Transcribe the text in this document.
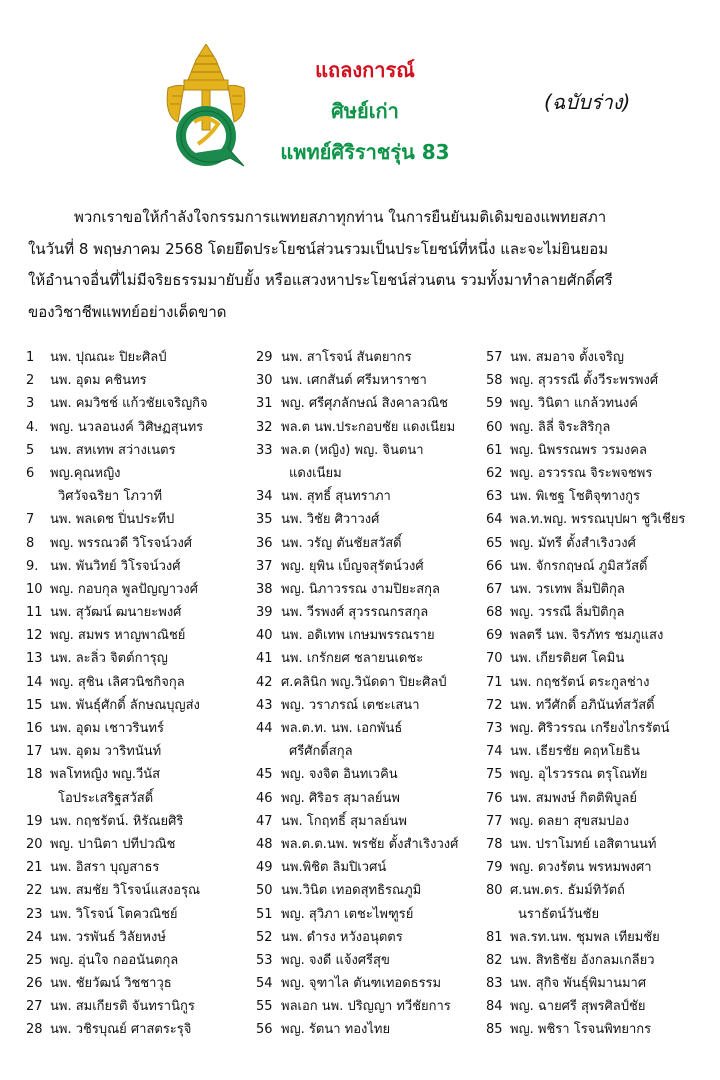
แถลงการณ์
ศิษย์เก่า
แพทย์ศิริราชรุ่น 83
(ฉบับร่าง)

พวกเราขอให้กำลังใจกรรมการแพทยสภาทุกท่าน ในการยืนยันมติเดิมของแพทยสภา

ในวันที่ 8 พฤษภาคม 2568 โดยยึดประโยชน์ส่วนรวมเป็นประโยชน์ที่หนึ่ง และจะไม่ยินยอม

ให้อำนาจอื่นที่ไม่มีจริยธรรมมายับยั้ง หรือแสวงหาประโยชน์ส่วนตน รวมทั้งมาทำลายศักดิ์ศรี

ของวิชาชีพแพทย์อย่างเด็ดขาด

1	นพ. ปุณณะ ปิยะศิลป์
2	นพ. อุดม คชินทร
3	นพ. คมวิชช์ แก้วชัยเจริญกิจ
4. พญ. นวลอนงค์ วิศิษฏสุนทร
5	นพ. สหเทพ สว่างเนตร
6	พญ.คุณหญิง
วิศวัจฉริยา โภวาที
7	นพ. พลเดช ปิ่นประทีป
8	พญ. พรรณวดี วิโรจน์วงศ์
9. นพ. พันวิทย์ วิโรจน์วงศ์
10 พญ. กอบกุล พูลปัญญาวงศ์
11 นพ. สุวัฒน์ ฒนายะพงศ์
12 พญ. สมพร หาญพาณิชย์
13 นพ. ละลิ่ว จิตต์การุญ
14 พญ. สุชิน เลิศวนิชกิจกุล
15 นพ. พันธุ์ศักดิ์ ลักษณบุญส่ง
16 นพ. อุดม เชาวรินทร์
17 นพ. อุดม วาริทนันท์
18 พลโทหญิง พญ.วีนัส
โอประเสริฐสวัสดิ์
19 นพ. กฤชรัตน์. หิรัณยศิริ
20 พญ. ปานิตา ปทีปวณิช
21 นพ. อิสรา บุญสาธร
22 นพ. สมชัย วิโรจน์แสงอรุณ
23 นพ. วิโรจน์ โตควณิชย์
24 นพ. วรพันธ์ วิลัยหงษ์
25 พญ. อุ่นใจ กออนันตกุล
26 นพ. ชัยวัฒน์ วิชชาวุธ
27 นพ. สมเกียรติ จันทรานิกูร
28 นพ. วชิรบุณย์ ศาสตระรุจิ
29 นพ. สาโรจน์ สันตยากร
30 นพ. เศกสันต์ ศรีมหาราชา
31 พญ. ศรีศุภลักษณ์ สิงคาลวณิช
32 พล.ต นพ.ประกอบชัย แดงเนียม
33 พล.ต (หญิง) พญ. จินตนา
แดงเนียม
34 นพ. สุทธิ์ สุนทราภา
35 นพ. วิชัย ศิวาวงศ์
36 นพ. วรัญ ตันชัยสวัสดิ์
37 พญ. ยุพิน เบ็ญจสุรัตน์วงศ์
38 พญ. นิภาวรรณ งามปิยะสกุล
39 นพ. วีรพงศ์ สุวรรณกรสกุล
40 นพ. อดิเทพ เกษมพรรณราย
41 นพ. เกรักยศ ชลายนเดชะ
42 ศ.คลินิก พญ.วินัดดา ปิยะศิลป์
43 พญ. วราภรณ์ เตชะเสนา
44 พล.ต.ท. นพ. เอกพันธ์
ศรีศักดิ์สกุล
45 พญ. จงจิต อินทเวคิน
46 พญ. ศิริอร สุมาลย์นพ
47 นพ. โกฤทธิ์ สุมาลย์นพ
48 พล.ต.ต.นพ. พรชัย ตั้งสำเริงวงศ์
49 นพ.พิชิต ลิมปิเวศน์
50 นพ.วินิต เทอดสุทธิรณภูมิ
51 พญ. สุวิภา เตชะไพฑูรย์
52 นพ. ดำรง หวังอนุตตร
53 พญ. จงดี แจ้งศรีสุข
54 พญ. จุฑาไล ตันฑเทอดธรรม
55 พลเอก นพ. ปริญญา ทวีชัยการ
56 พญ. รัตนา ทองไทย
57 นพ. สมอาจ ตั้งเจริญ
58 พญ. สุวรรณี ตั้งวีระพรพงศ์
59 พญ. วินิตา แกล้วทนงค์
60 พญ. ลิลี่ จิระสิริกุล
61 พญ. นิพรรณพร วรมงคล
62 พญ. อรวรรณ จิระพจชพร
63 นพ. พิเชฐ โชติจุฑางกูร
64 พล.ท.พญ. พรรณบุปผา ชูวิเชียร
65 พญ. มัทรี ตั้งสำเริงวงศ์
66 นพ. จักรกฤษณ์ ภูมิสวัสดิ์
67 นพ. วรเทพ ลิ่มปิติกุล
68 พญ. วรรณี ลิ่มปิติกุล
69 พลตรี นพ. จิรภัทร ชมภูแสง
70 นพ. เกียรติยศ โคมิน
71 นพ. กฤชรัตน์ ตระกูลช่าง
72 นพ. ทวีศักดิ์ อภินันท์สวัสดิ์
73 พญ. ศิริวรรณ เกรียงไกรรัตน์
74 นพ. เธียรชัย คฤหโยธิน
75 พญ. อุไรวรรณ ตรุโณทัย
76 นพ. สมพงษ์ กิตติพิบูลย์
77 พญ. ดลยา สุขสมปอง
78 นพ. ปราโมทย์ เอสิตานนท์
79 พญ. ดวงรัตน พรหมพงศา
80 ศ.นพ.ดร. ธัมม์ทิวัตถ์
นราธัตน์วันชัย
81 พล.รท.นพ. ชุมพล เทียมชัย
82 นพ. สิทธิชัย อังกลมเกลียว
83 นพ. สุกิจ พันธุ์พิมานมาศ
84 พญ. ฉายศรี สุพรศิลป์ชัย
85 พญ. พชิรา โรจนพิทยากร
